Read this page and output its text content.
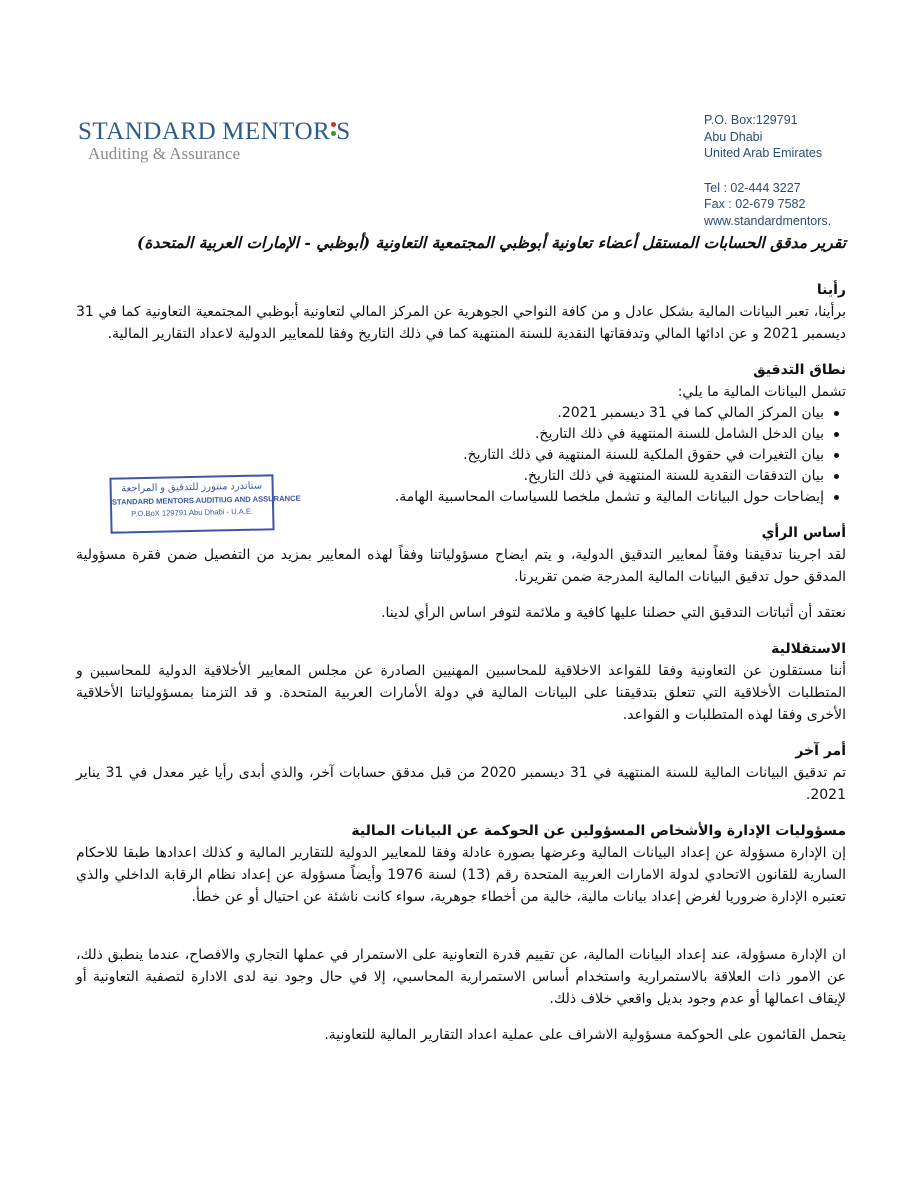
STANDARD MENTOR S
Auditing & Assurance
P.O. Box:129791
Abu Dhabi
United Arab Emirates
Tel : 02-444 3227
Fax : 02-679 7582
www.standardmentors.
ستاندرد منتورز للتدقيق و المراجعة
STANDARD MENTORS AUDITIUG AND ASSURANCE
P.O.BoX 129791 Abu Dhabi - U.A.E.
تقرير مدقق الحسابات المستقل أعضاء تعاونية أبوظبي المجتمعية التعاونية (أبوظبي - الإمارات العربية المتحدة)
رأينا

برأينا، تعبر البيانات المالية بشكل عادل و من كافة النواحي الجوهرية عن المركز المالي لتعاونية أبوظبي المجتمعية التعاونية كما في 31 ديسمبر 2021 و عن ادائها المالي وتدفقاتها النقدية للسنة المنتهية كما في ذلك التاريخ وفقا للمعايير الدولية لاعداد التقارير المالية.

نطاق التدقيق

تشمل البيانات المالية ما يلي:

بيان المركز المالي كما في 31 ديسمبر 2021.
بيان الدخل الشامل للسنة المنتهية في ذلك التاريخ.
بيان التغيرات في حقوق الملكية للسنة المنتهية في ذلك التاريخ.
بيان التدفقات النقدية للسنة المنتهية في ذلك التاريخ.
إيضاحات حول البيانات المالية و تشمل ملخصا للسياسات المحاسبية الهامة.
أساس الرأي

لقد اجرينا تدقيقنا وفقاً لمعايير التدقيق الدولية، و يتم ايضاح مسؤولياتنا وفقاً لهذه المعايير بمزيد من التفصيل ضمن فقرة مسؤولية المدقق حول تدقيق البيانات المالية المدرجة ضمن تقريرنا.

نعتقد أن أثباتات التدقيق التي حصلنا عليها كافية و ملائمة لتوفر اساس الرأي لدينا.

الاستقلالية

أننا مستقلون عن التعاونية وفقا للقواعد الاخلاقية للمحاسبين المهنيين الصادرة عن مجلس المعايير الأخلاقية الدولية للمحاسبين و المتطلبات الأخلاقية التي تتعلق بتدقيقنا على البيانات المالية في دولة الأمارات العربية المتحدة. و قد التزمنا بمسؤولياتنا الأخلاقية الأخرى وفقا لهذه المتطلبات و القواعد.

أمر آخر

تم تدقيق البيانات المالية للسنة المنتهية في 31 ديسمبر 2020 من قبل مدقق حسابات آخر، والذي أبدى رأيا غير معدل في 31 يناير 2021.

مسؤوليات الإدارة والأشخاص المسؤولين عن الحوكمة عن البيانات المالية

إن الإدارة مسؤولة عن إعداد البيانات المالية وعرضها بصورة عادلة وفقا للمعايير الدولية للتقارير المالية و كذلك اعدادها طبقا للاحكام السارية للقانون الاتحادي لدولة الامارات العربية المتحدة رقم (13) لسنة 1976 وأيضاً مسؤولة عن إعداد نظام الرقابة الداخلي والذي تعتبره الإدارة ضروريا لغرض إعداد بيانات مالية، خالية من أخطاء جوهرية، سواء كانت ناشئة عن احتيال أو عن خطأ.

ان الإدارة مسؤولة، عند إعداد البيانات المالية، عن تقييم قدرة التعاونية على الاستمرار في عملها التجاري والافصاح، عندما ينطبق ذلك، عن الامور ذات العلاقة بالاستمرارية واستخدام أساس الاستمرارية المحاسبي، إلا في حال وجود نية لدى الادارة لتصفية التعاونية أو لإيقاف اعمالها أو عدم وجود بديل واقعي خلاف ذلك.

يتحمل القائمون على الحوكمة مسؤولية الاشراف على عملية اعداد التقارير المالية للتعاونية.
